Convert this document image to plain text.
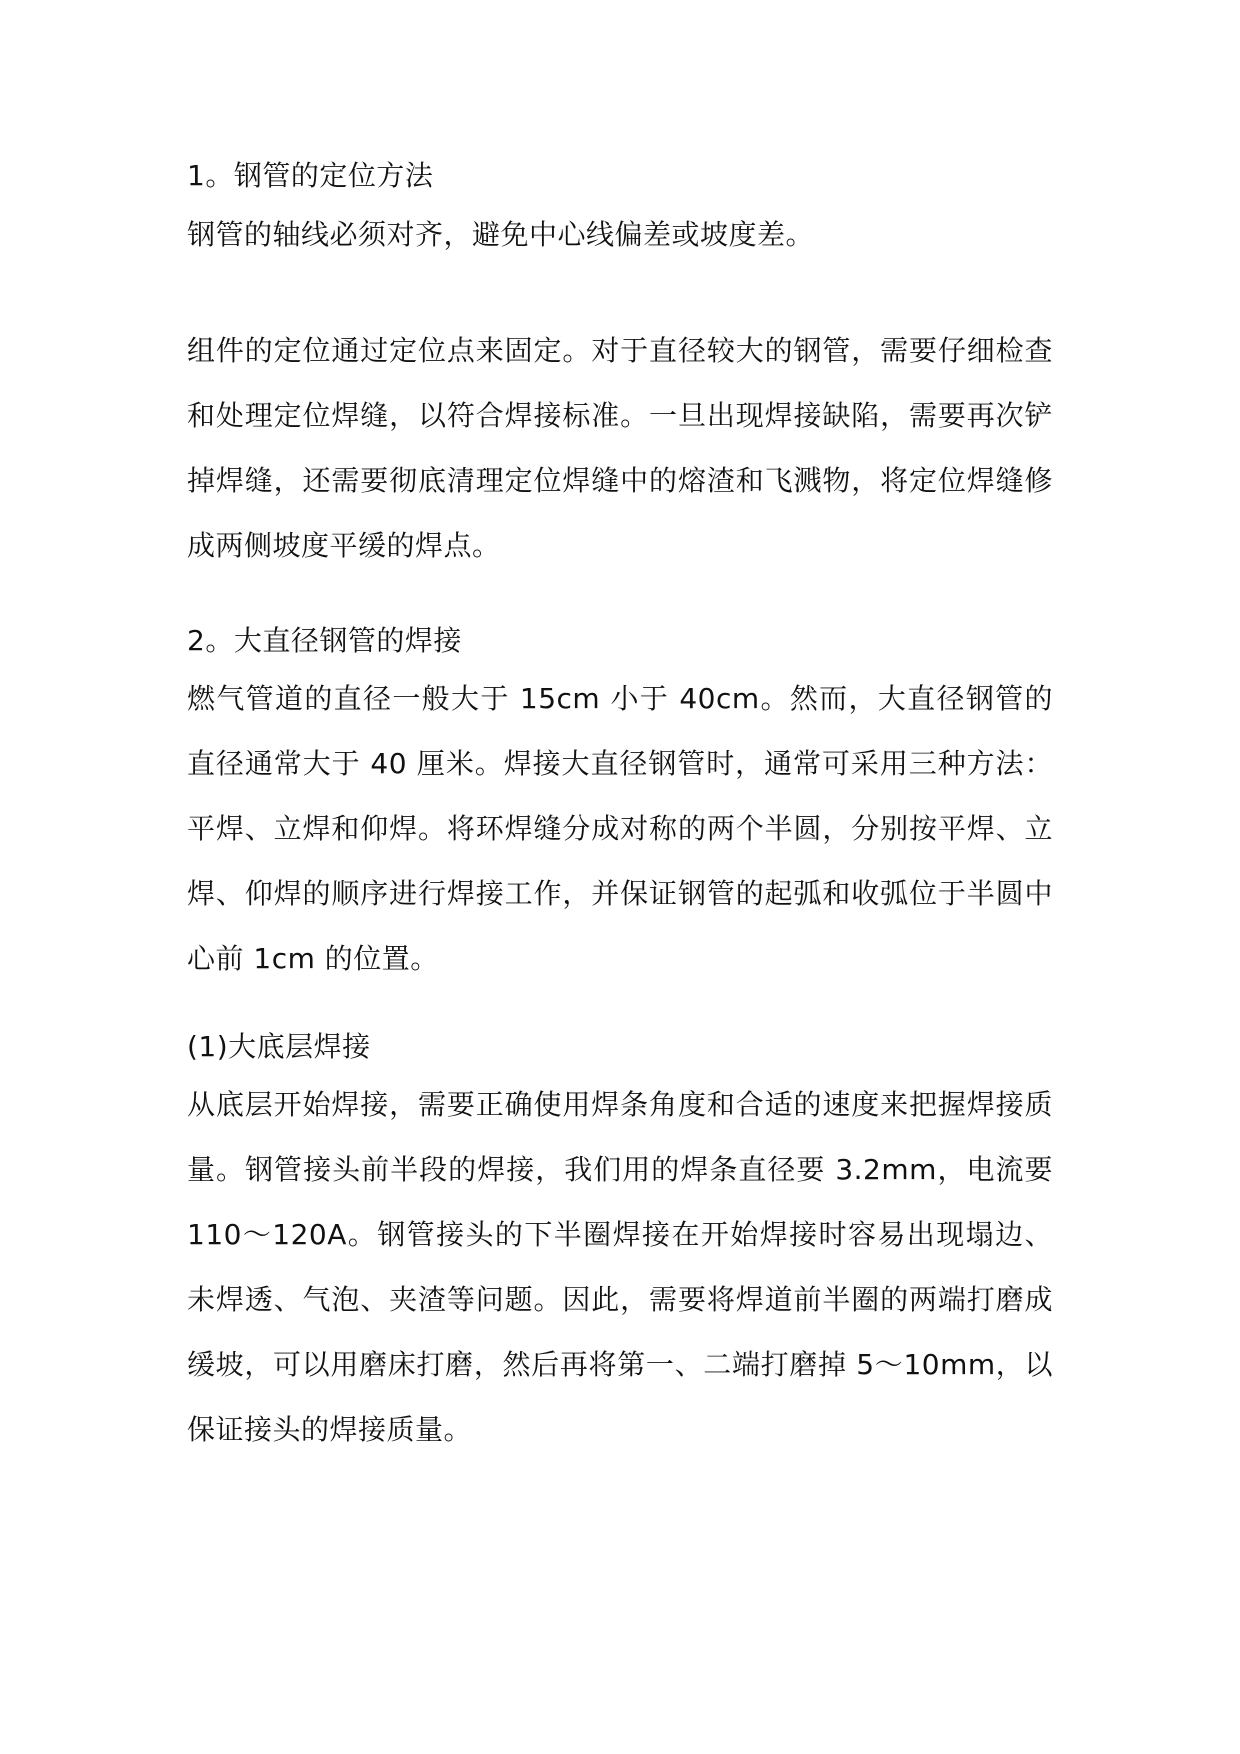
1。钢管的定位方法

钢管的轴线必须对齐，避免中心线偏差或坡度差。

组件的定位通过定位点来固定。对于直径较大的钢管，需要仔细检查和处理定位焊缝，以符合焊接标准。一旦出现焊接缺陷，需要再次铲掉焊缝，还需要彻底清理定位焊缝中的熔渣和飞溅物，将定位焊缝修成两侧坡度平缓的焊点。

2。大直径钢管的焊接

燃气管道的直径一般大于 15cm 小于 40cm。然而，大直径钢管的直径通常大于 40 厘米。焊接大直径钢管时，通常可采用三种方法：平焊、立焊和仰焊。将环焊缝分成对称的两个半圆，分别按平焊、立焊、仰焊的顺序进行焊接工作，并保证钢管的起弧和收弧位于半圆中心前 1cm 的位置。

(1)大底层焊接

从底层开始焊接，需要正确使用焊条角度和合适的速度来把握焊接质量。钢管接头前半段的焊接，我们用的焊条直径要 3.2mm，电流要 110～120A。钢管接头的下半圈焊接在开始焊接时容易出现塌边、未焊透、气泡、夹渣等问题。因此，需要将焊道前半圈的两端打磨成缓坡，可以用磨床打磨，然后再将第一、二端打磨掉 5～10mm，以保证接头的焊接质量。
